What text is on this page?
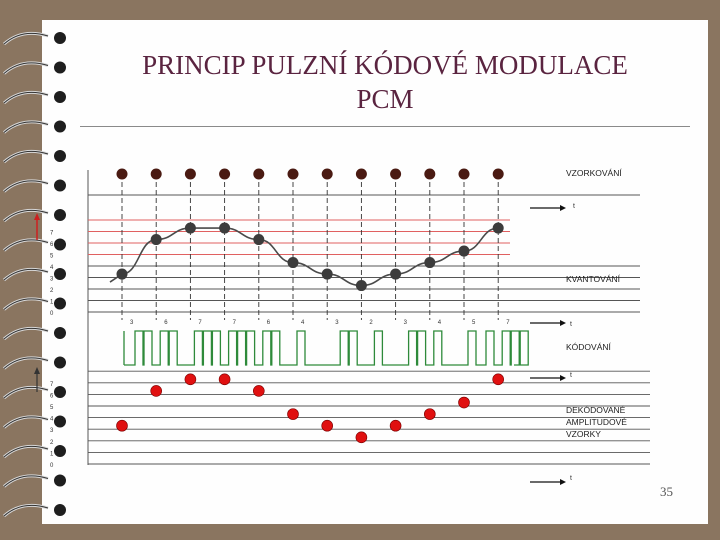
PRINCIP PULZNÍ KÓDOVÉ MODULACE
PCM
t
VZORKOVÁNÍ
0
1
2
3
4
5
6
7
KVANTOVÁNÍ
3	6	7	7	6	4	3	2	3	4	5	7	t
KÓDOVÁNÍ
0
1
2
3
4
5
6
7
t
DEKÓDOVANÉ
AMPLITUDOVÉ
VZORKY
t
35
